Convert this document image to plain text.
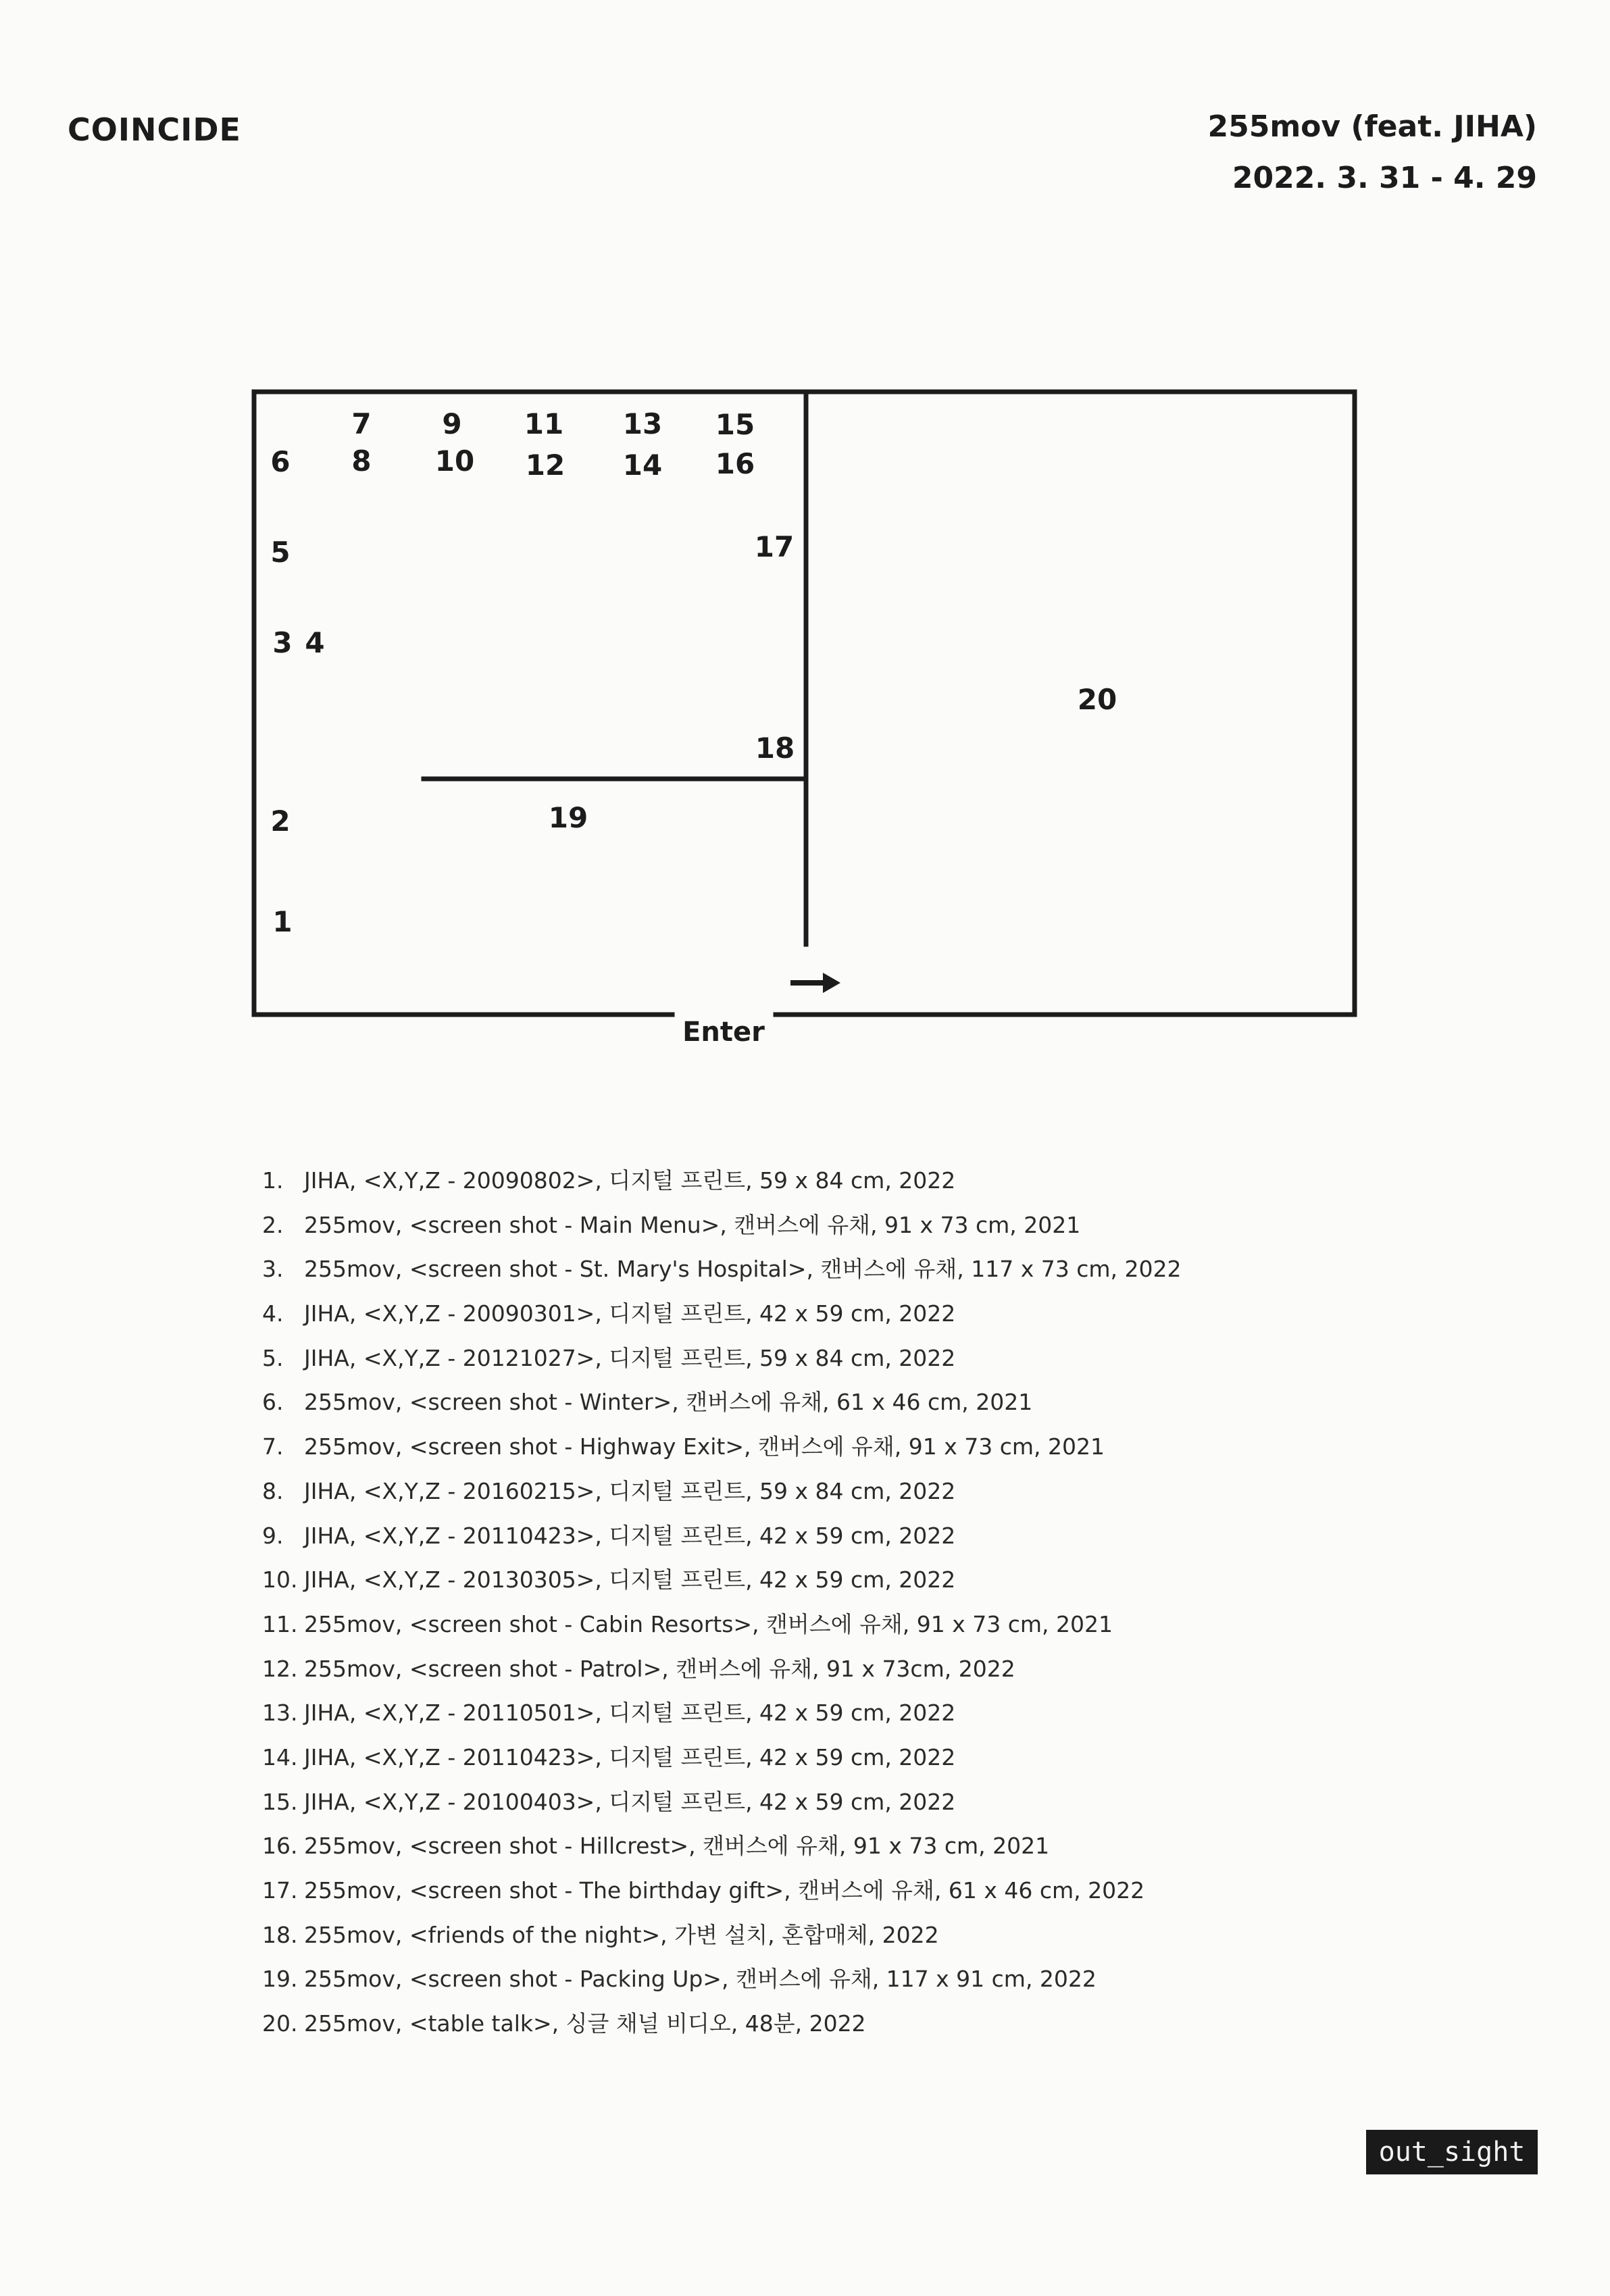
COINCIDE	255mov (feat. JIHA)
2022. 3. 31 - 4. 29
Enter
1
2
3 4
5
6
7
8
9
10
11
12
13
14
15
16
17
18
19
20
1. JIHA, <X,Y,Z - 20090802>, 디지털 프린트, 59 x 84 cm, 2022
2. 255mov, <screen shot - Main Menu>, 캔버스에 유채, 91 x 73 cm, 2021
3. 255mov, <screen shot - St. Mary's Hospital>, 캔버스에 유채, 117 x 73 cm, 2022
4. JIHA, <X,Y,Z - 20090301>, 디지털 프린트, 42 x 59 cm, 2022
5. JIHA, <X,Y,Z - 20121027>, 디지털 프린트, 59 x 84 cm, 2022
6. 255mov, <screen shot - Winter>, 캔버스에 유채, 61 x 46 cm, 2021
7. 255mov, <screen shot - Highway Exit>, 캔버스에 유채, 91 x 73 cm, 2021
8. JIHA, <X,Y,Z - 20160215>, 디지털 프린트, 59 x 84 cm, 2022
9. JIHA, <X,Y,Z - 20110423>, 디지털 프린트, 42 x 59 cm, 2022
10. JIHA, <X,Y,Z - 20130305>, 디지털 프린트, 42 x 59 cm, 2022
11. 255mov, <screen shot - Cabin Resorts>, 캔버스에 유채, 91 x 73 cm, 2021
12. 255mov, <screen shot - Patrol>, 캔버스에 유채, 91 x 73cm, 2022
13. JIHA, <X,Y,Z - 20110501>, 디지털 프린트, 42 x 59 cm, 2022
14. JIHA, <X,Y,Z - 20110423>, 디지털 프린트, 42 x 59 cm, 2022
15. JIHA, <X,Y,Z - 20100403>, 디지털 프린트, 42 x 59 cm, 2022
16. 255mov, <screen shot - Hillcrest>, 캔버스에 유채, 91 x 73 cm, 2021
17. 255mov, <screen shot - The birthday gift>, 캔버스에 유채, 61 x 46 cm, 2022
18. 255mov, <friends of the night>, 가변 설치, 혼합매체, 2022
19. 255mov, <screen shot - Packing Up>, 캔버스에 유채, 117 x 91 cm, 2022
20. 255mov, <table talk>, 싱글 채널 비디오, 48분, 2022
out_sight
